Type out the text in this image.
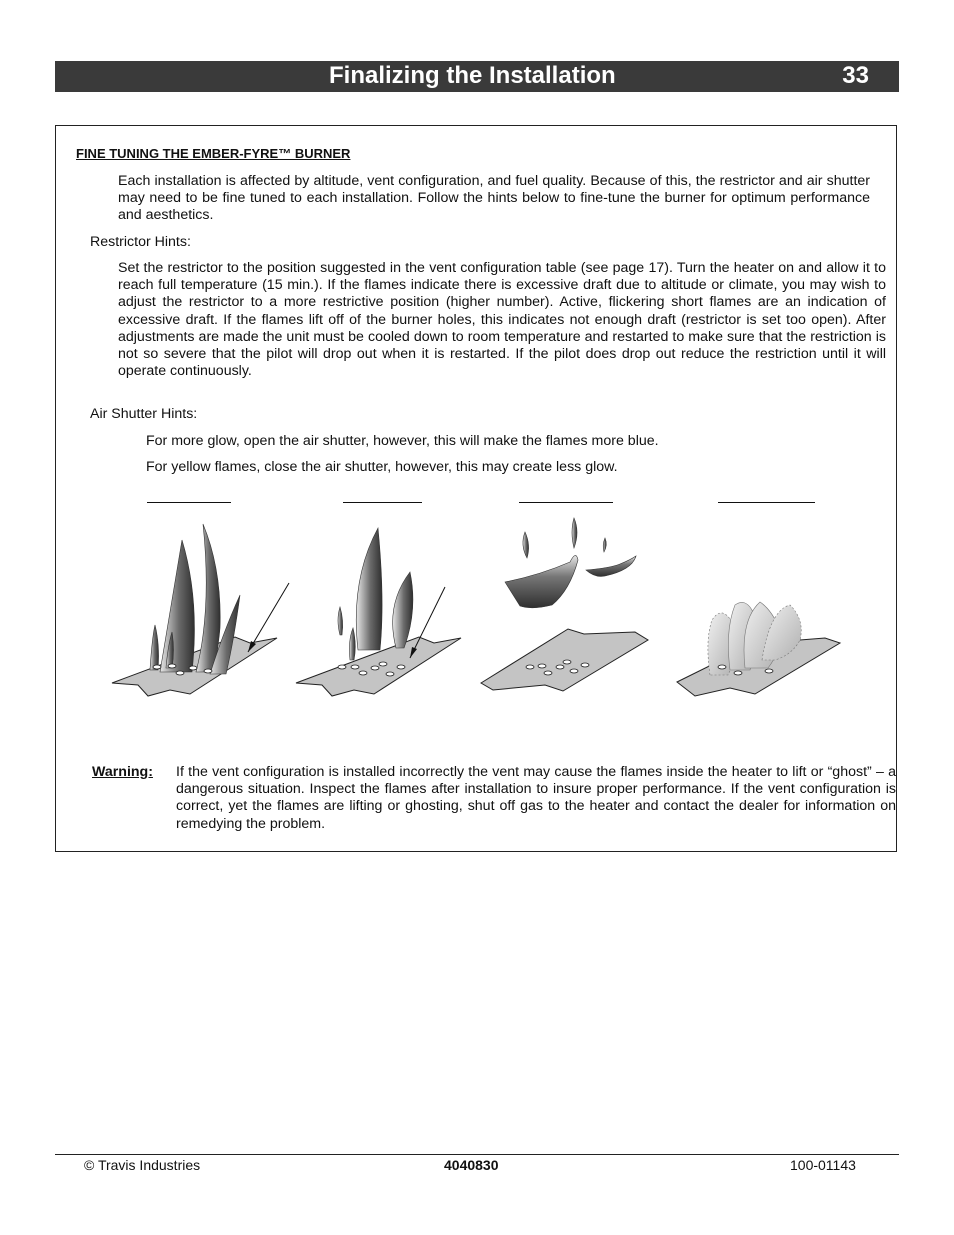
Finalizing the Installation	33
FINE TUNING THE EMBER-FYRE™ BURNER

Each installation is affected by altitude, vent configuration, and fuel quality. Because of this, the restrictor and air shutter may need to be fine tuned to each installation. Follow the hints below to fine-tune the burner for optimum performance and aesthetics.

Restrictor Hints:

Set the restrictor to the position suggested in the vent configuration table (see page 17). Turn the heater on and allow it to reach full temperature (15 min.). If the flames indicate there is excessive draft due to altitude or climate, you may wish to adjust the restrictor to a more restrictive position (higher number). Active, flickering short flames are an indication of excessive draft. If the flames lift off of the burner holes, this indicates not enough draft (restrictor is set too open). After adjustments are made the unit must be cooled down to room temperature and restarted to make sure that the restriction is not so severe that the pilot will drop out when it is restarted. If the pilot does drop out reduce the restriction until it will operate continuously.

Air Shutter Hints:
For more glow, open the air shutter, however, this will make the flames more blue.
For yellow flames, close the air shutter, however, this may create less glow.
Warning: If the vent configuration is installed incorrectly the vent may cause the flames inside the heater to lift or “ghost” – a dangerous situation. Inspect the flames after installation to insure proper performance. If the vent configuration is correct, yet the flames are lifting or ghosting, shut off gas to the heater and contact the dealer for information on remedying the problem.

© Travis Industries	4040830	100-01143
